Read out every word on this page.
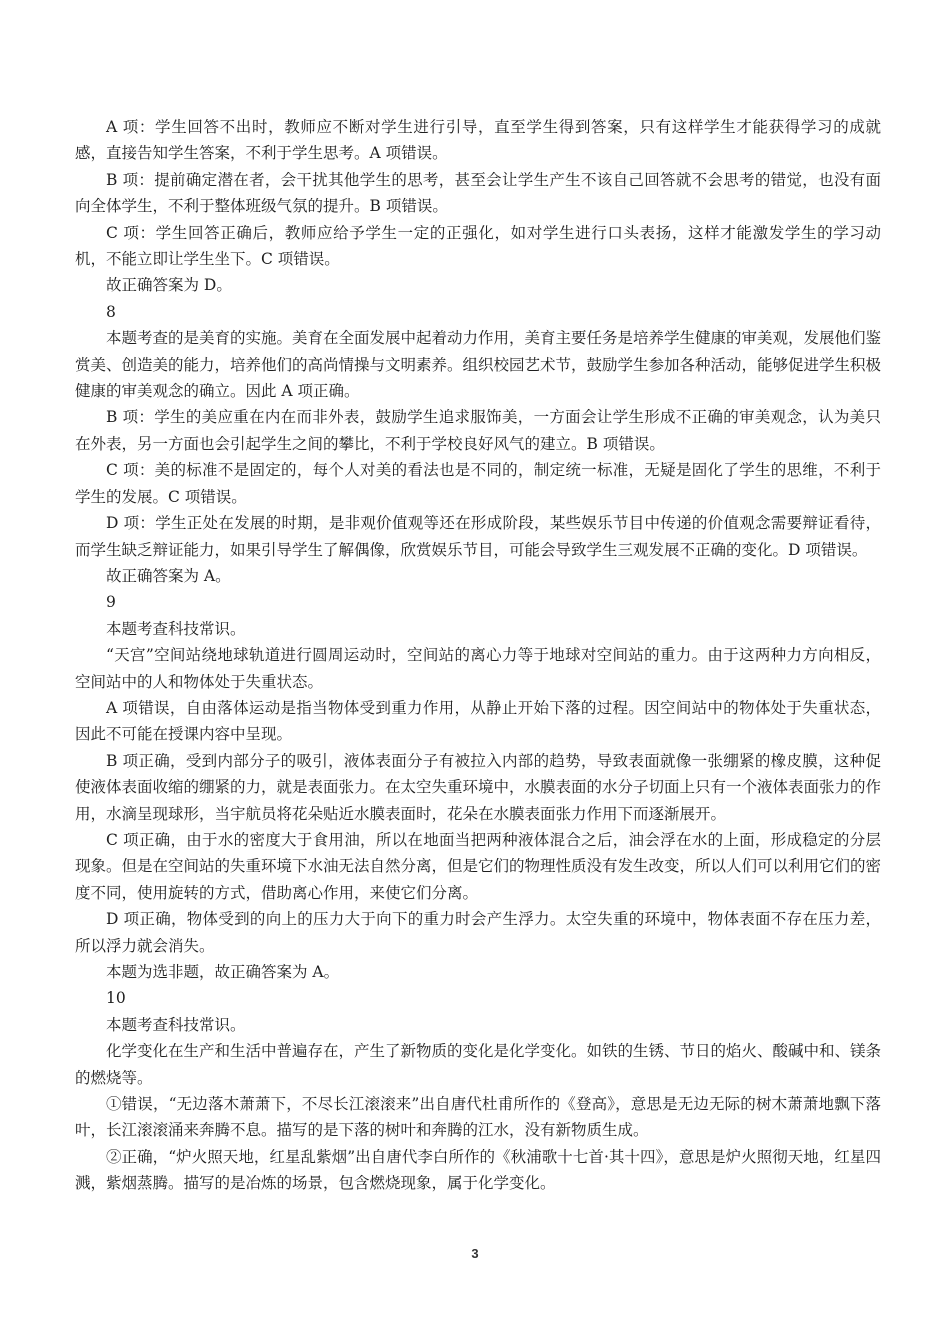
A 项：学生回答不出时，教师应不断对学生进行引导，直至学生得到答案，只有这样学生才能获得学习的成就感，直接告知学生答案，不利于学生思考。A 项错误。

B 项：提前确定潜在者，会干扰其他学生的思考，甚至会让学生产生不该自己回答就不会思考的错觉，也没有面向全体学生，不利于整体班级气氛的提升。B 项错误。

C 项：学生回答正确后，教师应给予学生一定的正强化，如对学生进行口头表扬，这样才能激发学生的学习动机，不能立即让学生坐下。C 项错误。

故正确答案为 D。

8

本题考查的是美育的实施。美育在全面发展中起着动力作用，美育主要任务是培养学生健康的审美观，发展他们鉴赏美、创造美的能力，培养他们的高尚情操与文明素养。组织校园艺术节，鼓励学生参加各种活动，能够促进学生积极健康的审美观念的确立。因此 A 项正确。

B 项：学生的美应重在内在而非外表，鼓励学生追求服饰美，一方面会让学生形成不正确的审美观念，认为美只在外表，另一方面也会引起学生之间的攀比，不利于学校良好风气的建立。B 项错误。

C 项：美的标准不是固定的，每个人对美的看法也是不同的，制定统一标准，无疑是固化了学生的思维，不利于学生的发展。C 项错误。

D 项：学生正处在发展的时期，是非观价值观等还在形成阶段，某些娱乐节目中传递的价值观念需要辩证看待，而学生缺乏辩证能力，如果引导学生了解偶像，欣赏娱乐节目，可能会导致学生三观发展不正确的变化。D 项错误。

故正确答案为 A。

9

本题考查科技常识。

“天宫”空间站绕地球轨道进行圆周运动时，空间站的离心力等于地球对空间站的重力。由于这两种力方向相反，空间站中的人和物体处于失重状态。

A 项错误，自由落体运动是指当物体受到重力作用，从静止开始下落的过程。因空间站中的物体处于失重状态，因此不可能在授课内容中呈现。

B 项正确，受到内部分子的吸引，液体表面分子有被拉入内部的趋势，导致表面就像一张绷紧的橡皮膜，这种促使液体表面收缩的绷紧的力，就是表面张力。在太空失重环境中，水膜表面的水分子切面上只有一个液体表面张力的作用，水滴呈现球形，当宇航员将花朵贴近水膜表面时，花朵在水膜表面张力作用下而逐渐展开。

C 项正确，由于水的密度大于食用油，所以在地面当把两种液体混合之后，油会浮在水的上面，形成稳定的分层现象。但是在空间站的失重环境下水油无法自然分离，但是它们的物理性质没有发生改变，所以人们可以利用它们的密度不同，使用旋转的方式，借助离心作用，来使它们分离。

D 项正确，物体受到的向上的压力大于向下的重力时会产生浮力。太空失重的环境中，物体表面不存在压力差，所以浮力就会消失。

本题为选非题，故正确答案为 A。

10

本题考查科技常识。

化学变化在生产和生活中普遍存在，产生了新物质的变化是化学变化。如铁的生锈、节日的焰火、酸碱中和、镁条的燃烧等。

①错误，“无边落木萧萧下，不尽长江滚滚来”出自唐代杜甫所作的《登高》，意思是无边无际的树木萧萧地飘下落叶，长江滚滚涌来奔腾不息。描写的是下落的树叶和奔腾的江水，没有新物质生成。

②正确，“炉火照天地，红星乱紫烟”出自唐代李白所作的《秋浦歌十七首·其十四》，意思是炉火照彻天地，红星四溅，紫烟蒸腾。描写的是冶炼的场景，包含燃烧现象，属于化学变化。

3
